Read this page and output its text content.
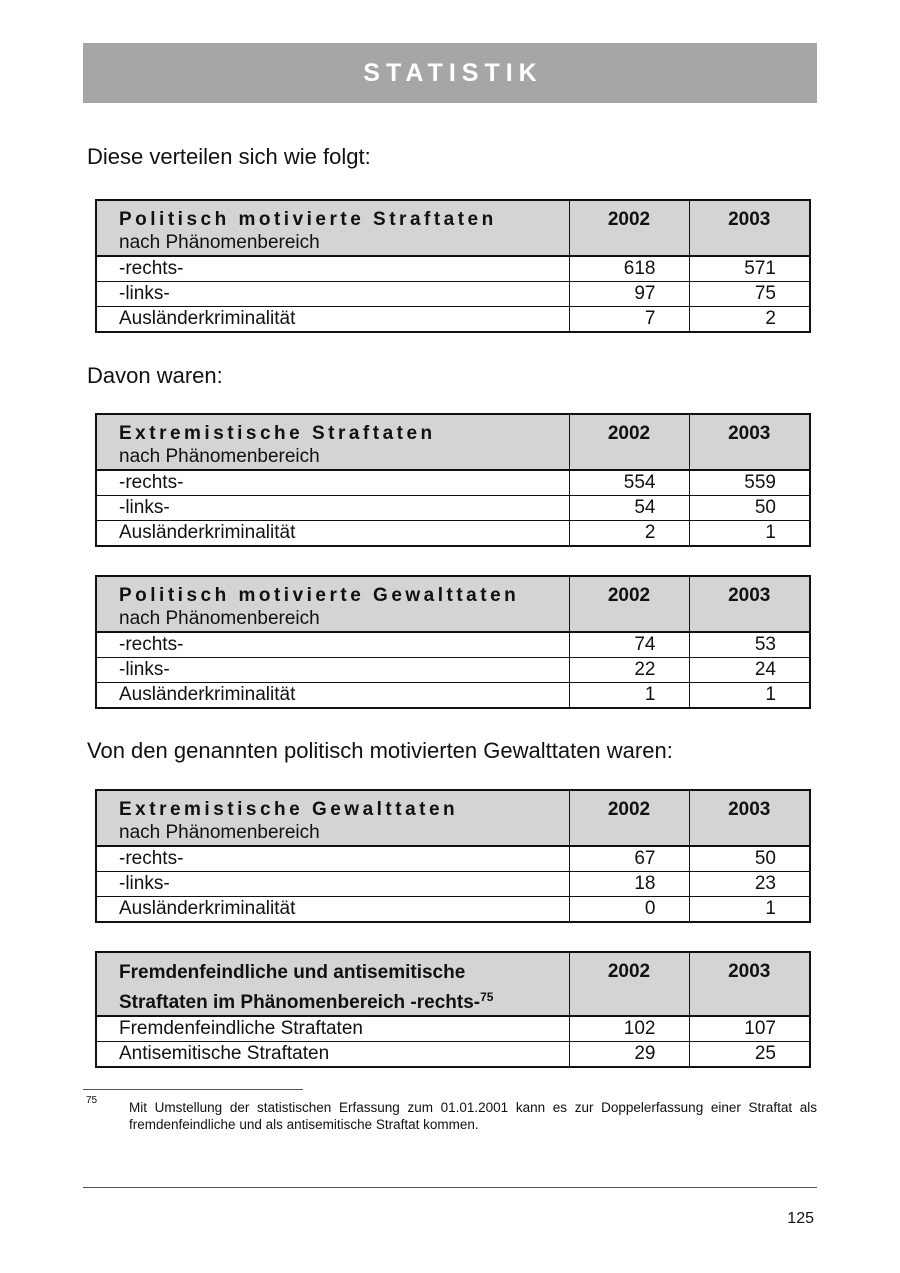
STATISTIK
Diese verteilen sich wie folgt:
Politisch motivierte Straftaten
nach Phänomenbereich	2002	2003
-rechts-	618	571
-links-	97	75
Ausländerkriminalität	7	2
Davon waren:
Extremistische Straftaten
nach Phänomenbereich	2002	2003
-rechts-	554	559
-links-	54	50
Ausländerkriminalität	2	1
Politisch motivierte Gewalttaten
nach Phänomenbereich	2002	2003
-rechts-	74	53
-links-	22	24
Ausländerkriminalität	1	1
Von den genannten politisch motivierten Gewalttaten waren:
Extremistische Gewalttaten
nach Phänomenbereich	2002	2003
-rechts-	67	50
-links-	18	23
Ausländerkriminalität	0	1
Fremdenfeindliche und antisemitische
Straftaten im Phänomenbereich -rechts-$^{75}$	2002	2003
Fremdenfeindliche Straftaten	102	107
Antisemitische Straftaten	29	25
75 Mit Umstellung der statistischen Erfassung zum 01.01.2001 kann es zur Doppelerfassung einer Straftat als fremdenfeindliche und als antisemitische Straftat kommen.
125
